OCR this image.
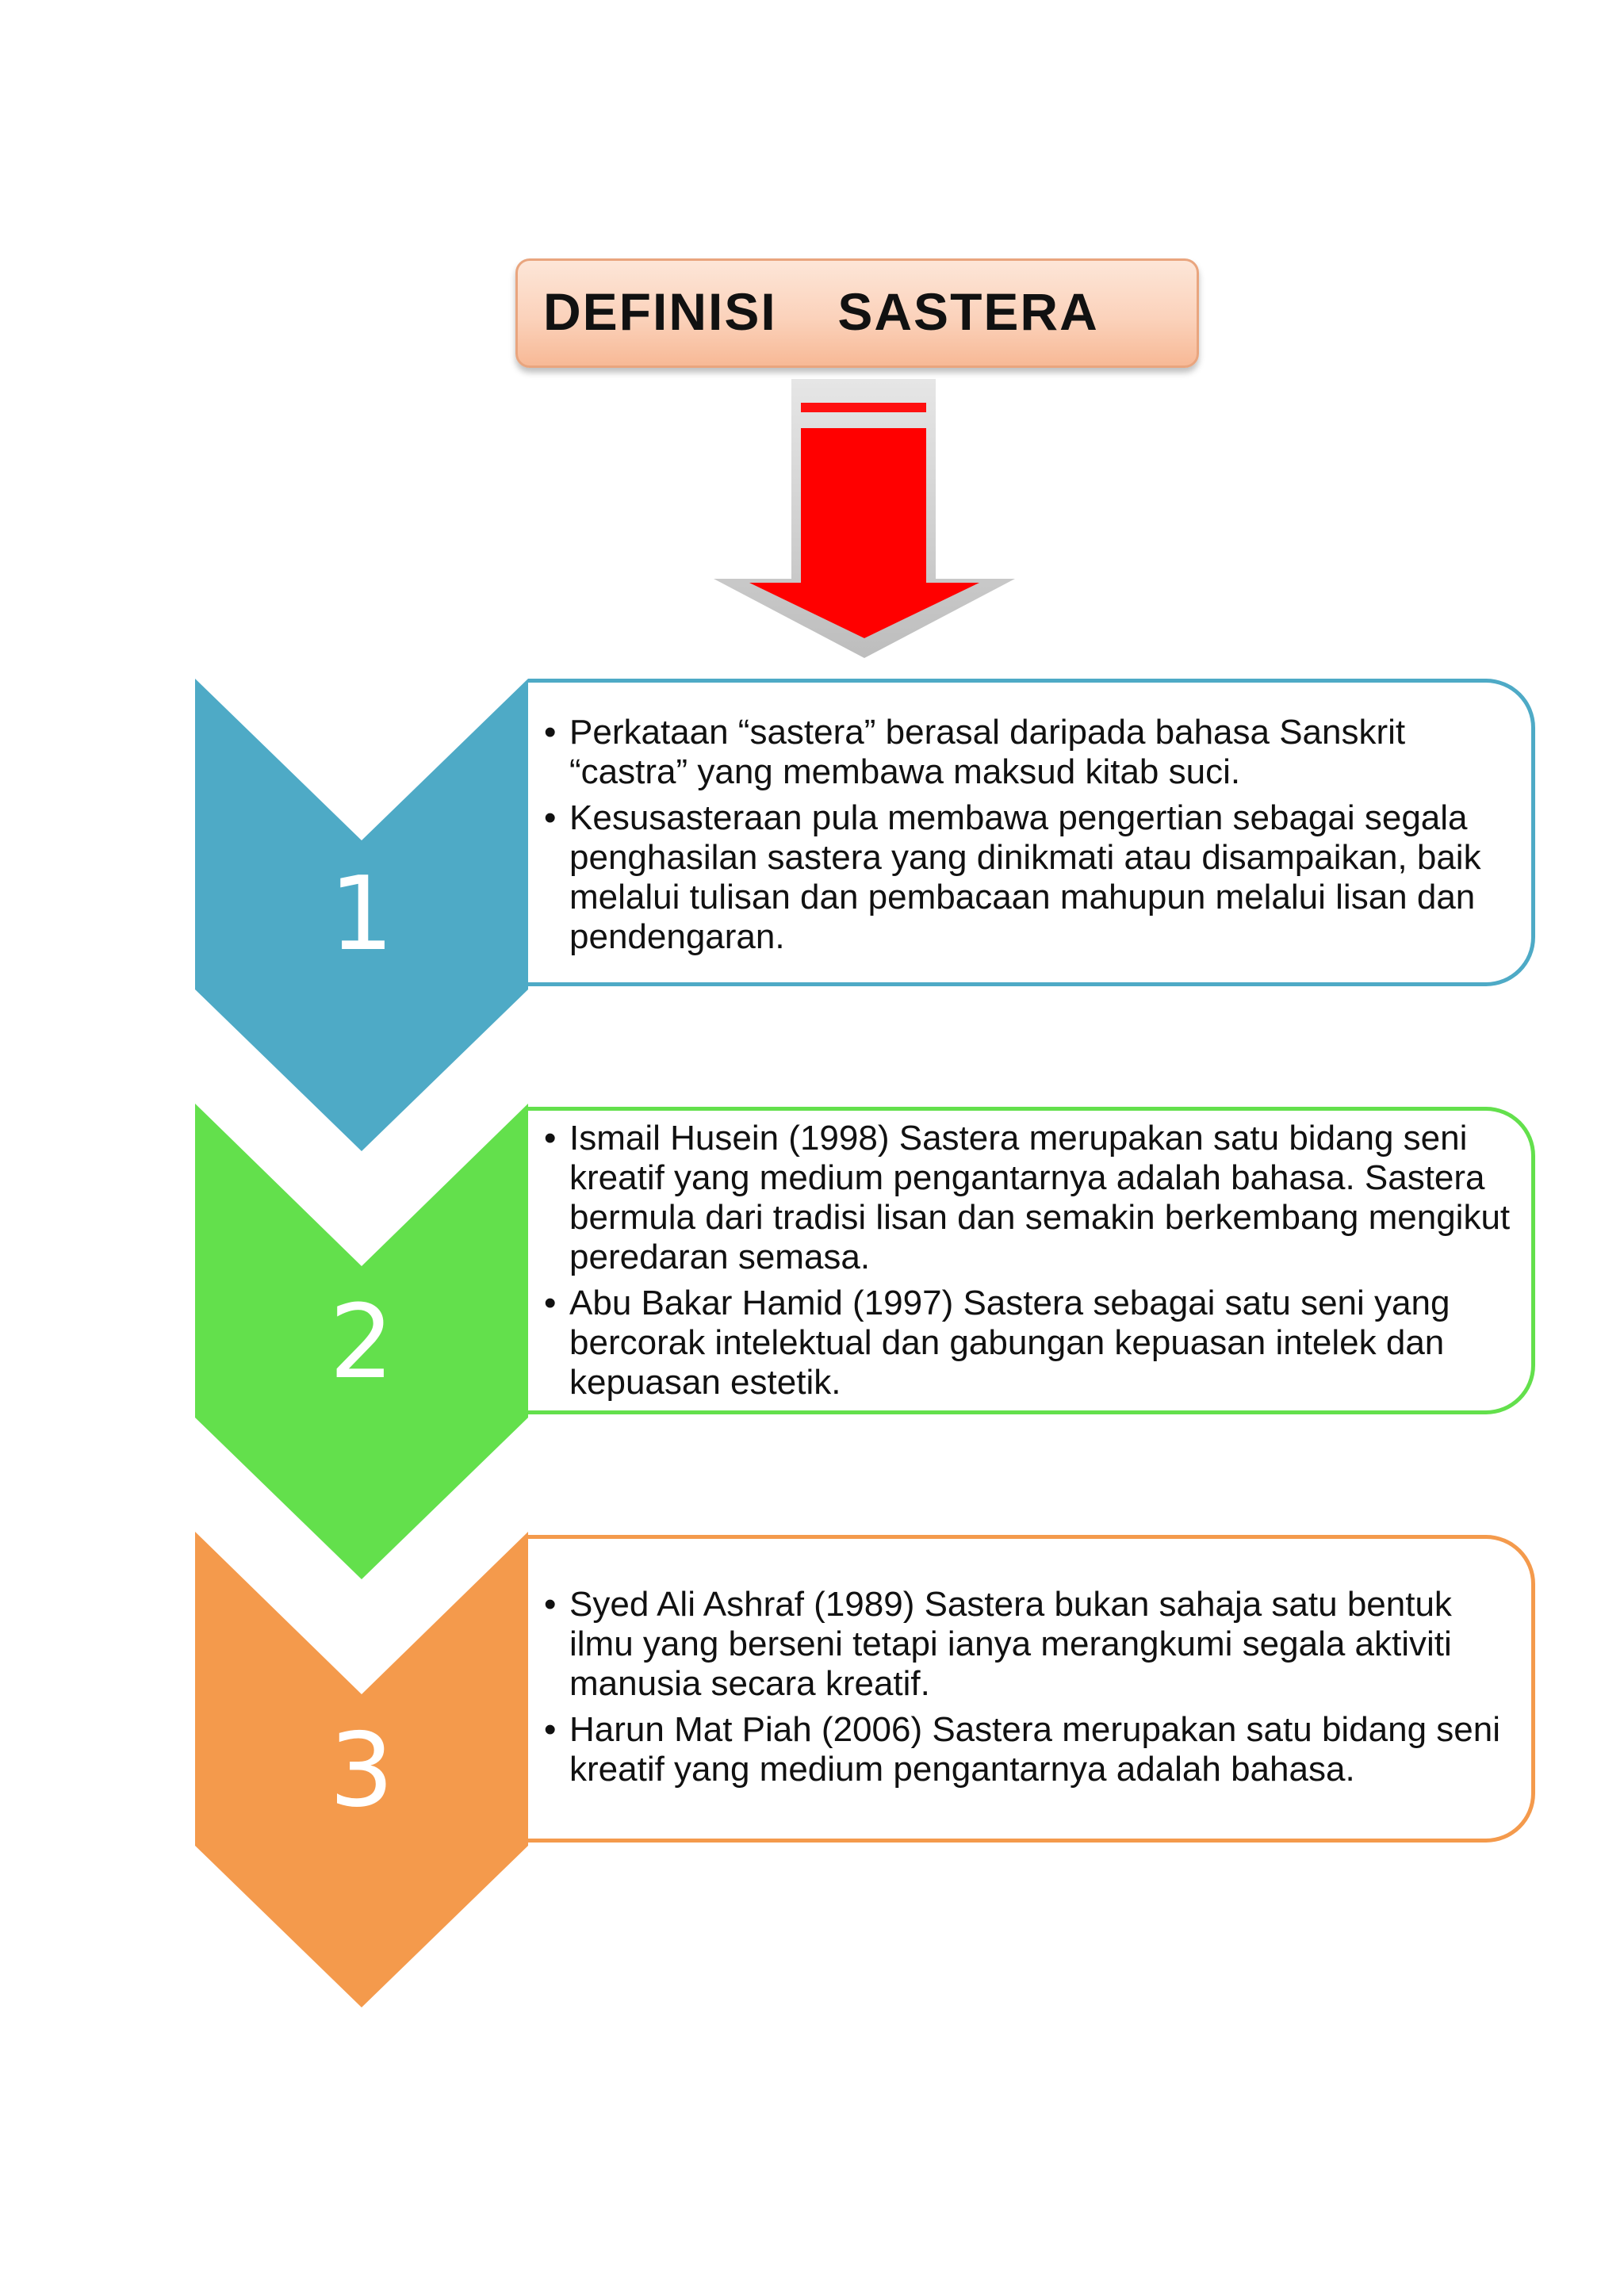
DEFINISI  SASTERA
1
2
3
• Perkataan “sastera” berasal daripada bahasa Sanskrit “castra” yang membawa maksud kitab suci.
• Kesusasteraan pula membawa pengertian sebagai segala penghasilan sastera yang dinikmati atau disampaikan, baik melalui tulisan dan pembacaan mahupun melalui lisan dan pendengaran.
• Ismail Husein (1998) Sastera merupakan satu bidang seni kreatif yang medium pengantarnya adalah bahasa. Sastera bermula dari tradisi lisan dan semakin berkembang mengikut peredaran semasa.
• Abu Bakar Hamid (1997) Sastera sebagai satu seni yang bercorak intelektual dan gabungan kepuasan intelek dan kepuasan estetik.
• Syed Ali Ashraf (1989) Sastera bukan sahaja satu bentuk ilmu yang berseni tetapi ianya merangkumi segala aktiviti manusia secara kreatif.
• Harun Mat Piah (2006) Sastera merupakan satu bidang seni kreatif yang medium pengantarnya adalah bahasa.
